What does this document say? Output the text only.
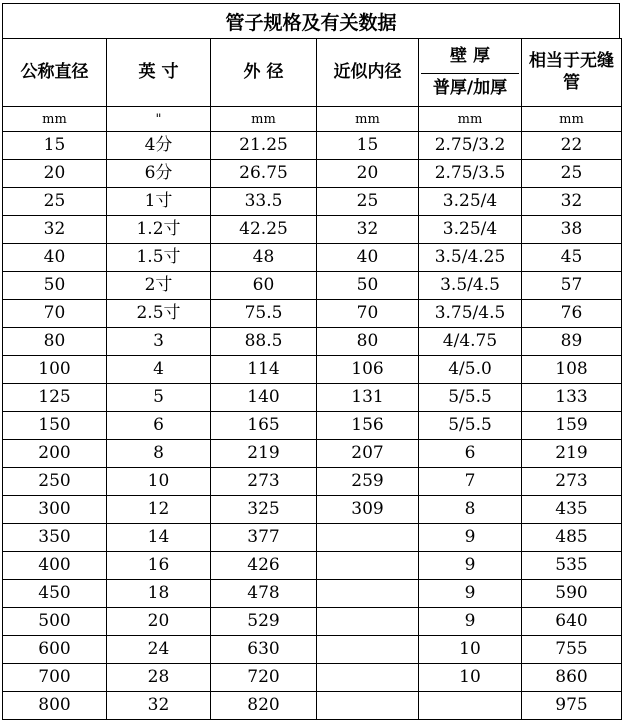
管子规格及有关数据
公称直径	英 寸	外 径	近似内径	壁 厚	相当于无缝管

				普厚/加厚	

mm	"	mm	mm	mm	mm
15	4分	21.25	15	2.75/3.2	22
20	6分	26.75	20	2.75/3.5	25
25	1寸	33.5	25	3.25/4	32
32	1.2寸	42.25	32	3.25/4	38
40	1.5寸	48	40	3.5/4.25	45
50	2寸	60	50	3.5/4.5	57
70	2.5寸	75.5	70	3.75/4.5	76
80	3	88.5	80	4/4.75	89
100	4	114	106	4/5.0	108
125	5	140	131	5/5.5	133
150	6	165	156	5/5.5	159
200	8	219	207	6	219
250	10	273	259	7	273
300	12	325	309	8	435
350	14	377		9	485
400	16	426		9	535
450	18	478		9	590
500	20	529		9	640
600	24	630		10	755
700	28	720		10	860
800	32	820			975
